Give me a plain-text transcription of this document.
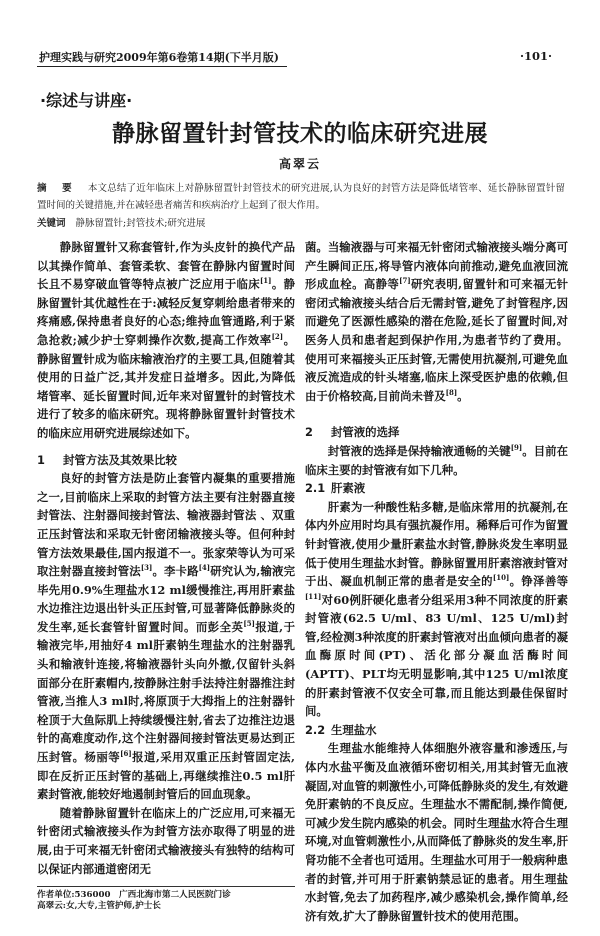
护理实践与研究2009年第6卷第14期(下半月版)	·101·
·综述与讲座·
静脉留置针封管技术的临床研究进展
高翠云
摘 要 本文总结了近年临床上对静脉留置针封管技术的研究进展,认为良好的封管方法是降低堵管率、延长静脉留置针留置时间的关键措施,并在减轻患者痛苦和疾病治疗上起到了很大作用。
关键词 静脉留置针;封管技术;研究进展

静脉留置针又称套管针,作为头皮针的换代产品以其操作简单、套管柔软、套管在静脉内留置时间长且不易穿破血管等特点被广泛应用于临床[1]。静脉留置针其优越性在于:减轻反复穿刺给患者带来的疼痛感,保持患者良好的心态;维持血管通路,利于紧急抢救;减少护士穿刺操作次数,提高工作效率[2]。静脉留置针成为临床输液治疗的主要工具,但随着其使用的日益广泛,其并发症日益增多。因此,为降低堵管率、延长留置时间,近年来对留置针的封管技术进行了较多的临床研究。现将静脉留置针封管技术的临床应用研究进展综述如下。

1 封管方法及其效果比较

良好的封管方法是防止套管内凝集的重要措施之一,目前临床上采取的封管方法主要有注射器直接封管法、注射器间接封管法、输液器封管法 、双重正压封管法和采取无针密闭输液接头等。但何种封管方法效果最佳,国内报道不一。张家荣等认为可采取注射器直接封管法[3]。李卡路[4]研究认为,输液完毕先用0.9%生理盐水12 ml缓慢推注,再用肝素盐水边推注边退出针头正压封管,可显著降低静脉炎的发生率,延长套管针留置时间。而彭全英[5]报道,于输液完毕,用抽好4 ml肝素钠生理盐水的注射器乳头和输液针连接,将输液器针头向外撤,仅留针头斜面部分在肝素帽内,按静脉注射手法持注射器推注封管液,当推人3 ml时,将原顶于大拇指上的注射器针栓顶于大鱼际肌上持续缓慢注射,省去了边推注边退针的高难度动作,这个注射器间接封管法更易达到正压封管。杨丽等[6]报道,采用双重正压封管固定法,即在反折正压封管的基础上,再继续推注0.5 ml肝素封管液,能较好地遏制封管后的回血现象。

随着静脉留置针在临床上的广泛应用,可来福无针密闭式输液接头作为封管方法亦取得了明显的进展,由于可来福无针密闭式输液接头有独特的结构可以保证内部通道密闭无

作者单位:536000　广西北海市第二人民医院门诊
高翠云:女,大专,主管护师,护士长

菌。当输液器与可来福无针密闭式输液接头端分离可产生瞬间正压,将导管内液体向前推动,避免血液回流形成血栓。高静等[7]研究表明,留置针和可来福无针密闭式输液接头结合后无需封管,避免了封管程序,因而避免了医源性感染的潜在危险,延长了留置时间,对医务人员和患者起到保护作用,为患者节约了费用。使用可来福接头正压封管,无需使用抗凝剂,可避免血液反流造成的针头堵塞,临床上深受医护患的依赖,但由于价格较高,目前尚未普及[8]。

2 封管液的选择

封管液的选择是保持输液通畅的关键[9]。目前在临床主要的封管液有如下几种。

2.1 肝素液

肝素为一种酸性粘多糖,是临床常用的抗凝剂,在体内外应用时均具有强抗凝作用。稀释后可作为留置针封管液,使用少量肝素盐水封管,静脉炎发生率明显低于使用生理盐水封管。静脉留置用肝素溶液封管对于出、凝血机制正常的患者是安全的[10]。铮泽善等[11]对60例肝硬化患者分组采用3种不同浓度的肝素封管液(62.5 U/ml、83 U/ml、125 U/ml)封管,经检测3种浓度的肝素封管液对出血倾向患者的凝血酶原时间(PT)、活化部分凝血活酶时间(APTT)、PLT均无明显影响,其中125 U/ml浓度的肝素封管液不仅安全可靠,而且能达到最佳保留时间。

2.2 生理盐水

生理盐水能维持人体细胞外液容量和渗透压,与体内水盐平衡及血液循环密切相关,用其封管无血液凝固,对血管的刺激性小,可降低静脉炎的发生,有效避免肝素钠的不良反应。生理盐水不需配制,操作简便,可减少发生院内感染的机会。同时生理盐水符合生理环境,对血管刺激性小,从而降低了静脉炎的发生率,肝肾功能不全者也可适用。生理盐水可用于一般病种患者的封管,并可用于肝素钠禁忌证的患者。用生理盐水封管,免去了加药程序,减少感染机会,操作简单,经济有效,扩大了静脉留置针技术的使用范围。
